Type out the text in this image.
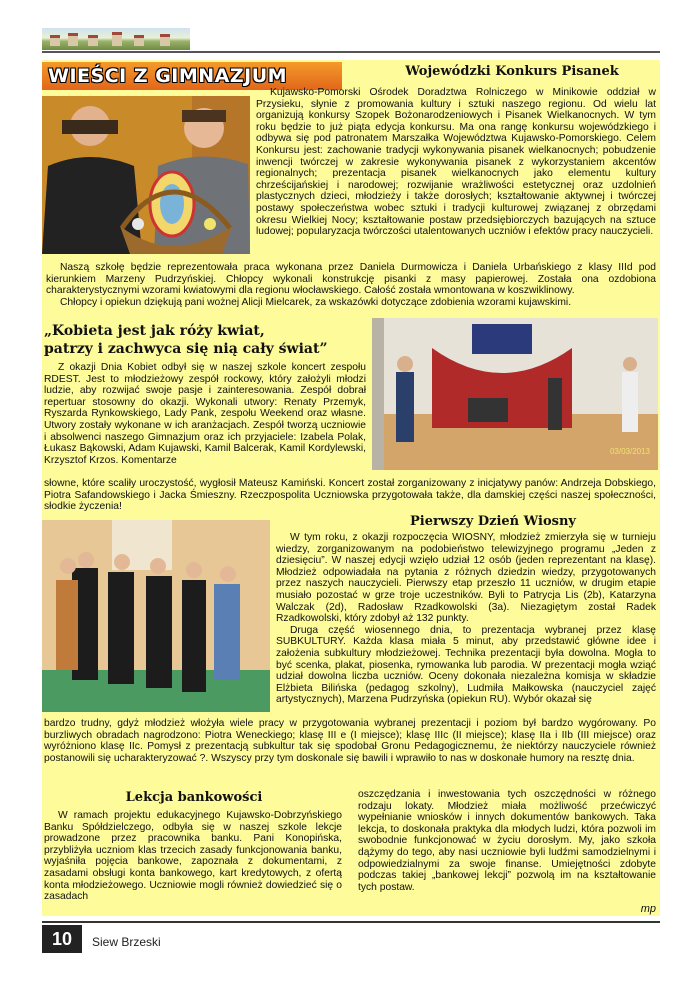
WIEŚCI Z GIMNAZJUM	Wojewódzki Konkurs Pisanek

Kujawsko-Pomorski Ośrodek Doradztwa Rolniczego w Minikowie oddział w Przysieku, słynie z promowania kultury i sztuki naszego regionu. Od wielu lat organizują konkursy Szopek Bożonarodzeniowych i Pisanek Wielkanocnych. W tym roku będzie to już piąta edycja konkursu. Ma ona rangę konkursu wojewódzkiego i odbywa się pod patronatem Marszałka Województwa Kujawsko-Pomorskiego. Celem Konkursu jest: zachowanie tradycji wykonywania pisanek wielkanocnych; pobudzenie inwencji twórczej w zakresie wykonywania pisanek z wykorzystaniem akcentów regionalnych; prezentacja pisanek wielkanocnych jako elementu kultury chrześcijańskiej i narodowej; rozwijanie wrażliwości estetycznej oraz uzdolnień plastycznych dzieci, młodzieży i także dorosłych; kształtowanie aktywnej i twórczej postawy społeczeństwa wobec sztuki i tradycji kulturowej związanej z obrzędami okresu Wielkiej Nocy; kształtowanie postaw przedsiębiorczych bazujących na sztuce ludowej; popularyzacja twórczości utalentowanych uczniów i efektów pracy nauczycieli.

Naszą szkołę będzie reprezentowała praca wykonana przez Daniela Durmowicza i Daniela Urbańskiego z klasy IIId pod kierunkiem Marzeny Pudrzyńskiej. Chłopcy wykonali konstrukcję pisanki z masy papierowej. Została ona ozdobiona charakterystycznymi wzorami kwiatowymi dla regionu włocławskiego. Całość została wmontowana w koszwiklinowy.

Chłopcy i opiekun dziękują pani wożnej Alicji Mielcarek, za wskazówki dotyczące zdobienia wzorami kujawskimi.

„Kobieta jest jak róży kwiat,
patrzy i zachwyca się nią cały świat”
03/03/2013

Z okazji Dnia Kobiet odbył się w naszej szkole koncert zespołu RDEST. Jest to młodzieżowy zespół rockowy, który założyli młodzi ludzie, aby rozwijać swoje pasje i zainteresowania. Zespół dobrał repertuar stosowny do okazji. Wykonali utwory: Renaty Przemyk, Ryszarda Rynkowskiego, Lady Pank, zespołu Weekend oraz własne. Utwory zostały wykonane w ich aranżacjach. Zespół tworzą uczniowie i absolwenci naszego Gimnazjum oraz ich przyjaciele: Izabela Polak, Łukasz Bąkowski, Adam Kujawski, Kamil Balcerak, Kamil Kordylewski, Krzysztof Krzos. Komentarze

słowne, które scaliły uroczystość, wygłosił Mateusz Kamiński. Koncert został zorganizowany z inicjatywy panów: Andrzeja Dobskiego, Piotra Safandowskiego i Jacka Śmieszny. Rzeczpospolita Uczniowska przygotowała także, dla damskiej części naszej społeczności, słodkie życzenia!

Pierwszy Dzień Wiosny

W tym roku, z okazji rozpoczęcia WIOSNY, młodzież zmierzyła się w turnieju wiedzy, zorganizowanym na podobieństwo telewizyjnego programu „Jeden z dziesięciu”. W naszej edycji wzięło udział 12 osób (jeden reprezentant na klasę). Młodzież odpowiadała na pytania z różnych dziedzin wiedzy, przygotowanych przez naszych nauczycieli. Pierwszy etap przeszło 11 uczniów, w drugim etapie musiało pozostać w grze troje uczestników. Byli to Patrycja Lis (2b), Katarzyna Walczak (2d), Radosław Rzadkowolski (3a). Niezagiętym został Radek Rzadkowolski, który zdobył aż 132 punkty.

Druga część wiosennego dnia, to prezentacja wybranej przez klasę SUBKULTURY. Każda klasa miała 5 minut, aby przedstawić główne idee i założenia subkultury młodzieżowej. Technika prezentacji była dowolna. Mogła to być scenka, plakat, piosenka, rymowanka lub parodia. W prezentacji mogła wziąć udział dowolna liczba uczniów. Oceny dokonała niezależna komisja w składzie Elżbieta Bilińska (pedagog szkolny), Ludmiła Małkowska (nauczyciel zajęć artystycznych), Marzena Pudrzyńska (opiekun RU). Wybór okazał się

bardzo trudny, gdyż młodzież włożyła wiele pracy w przygotowania wybranej prezentacji i poziom był bardzo wygórowany. Po burzliwych obradach nagrodzono: Piotra Weneckiego; klasę III e (I miejsce); klasę IIIc (II miejsce); klasę IIa i IIb (III miejsce) oraz wyróżniono klasę IIc. Pomysł z prezentacją subkultur tak się spodobał Gronu Pedagogicznemu, że niektórzy nauczyciele również postanowili się ucharakteryzować ?. Wszyscy przy tym doskonale się bawili i wprawiło to nas w doskonałe humory na resztę dnia.

Lekcja bankowości

W ramach projektu edukacyjnego Kujawsko-Dobrzyńskiego Banku Spółdzielczego, odbyła się w naszej szkole lekcje prowadzone przez pracownika banku. Pani Konopińska, przybliżyła uczniom klas trzecich zasady funkcjonowania banku, wyjaśniła pojęcia bankowe, zapoznała z dokumentami, z zasadami obsługi konta bankowego, kart kredytowych, z ofertą konta młodzieżowego. Uczniowie mogli również dowiedzieć się o zasadach

oszczędzania i inwestowania tych oszczędności w różnego rodzaju lokaty. Młodzież miała możliwość przećwiczyć wypełnianie wniosków i innych dokumentów bankowych. Taka lekcja, to doskonała praktyka dla młodych ludzi, która pozwoli im swobodnie funkcjonować w życiu dorosłym. My, jako szkoła dążymy do tego, aby nasi uczniowie byli ludźmi samodzielnymi i odpowiedzialnymi za swoje finanse. Umiejętności zdobyte podczas takiej „bankowej lekcji” pozwolą im na kształtowanie tych postaw.

mp
10	Siew Brzeski
